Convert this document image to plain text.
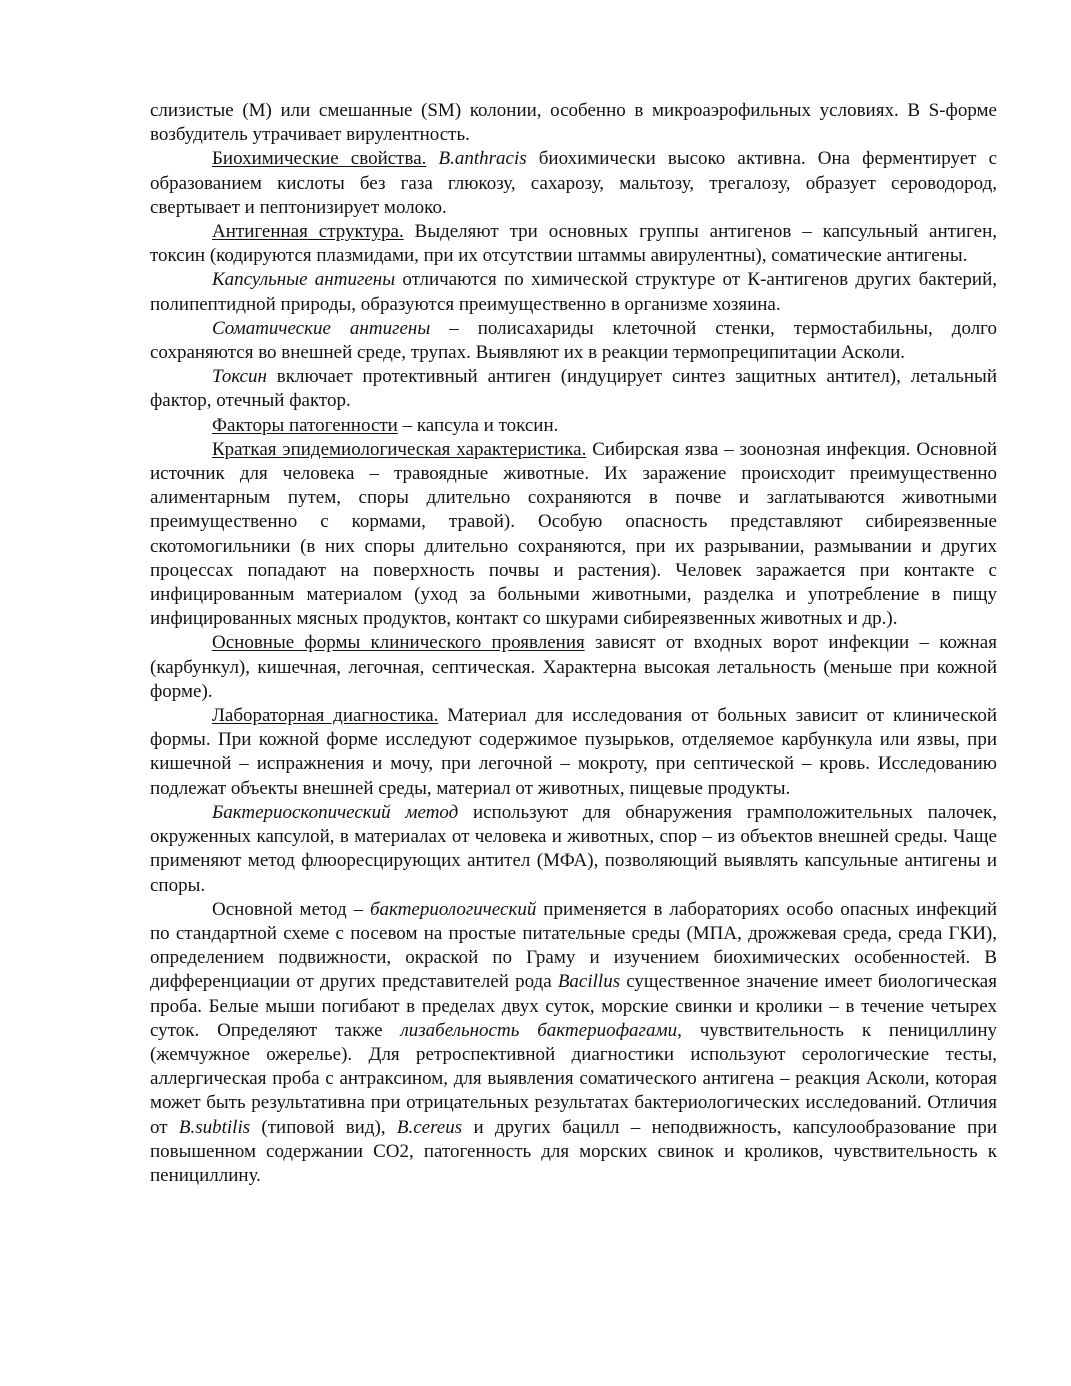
слизистые (М) или смешанные (SM) колонии, особенно в микроаэрофильных условиях. В S-форме возбудитель утрачивает вирулентность.

Биохимические свойства. B.anthracis биохимически высоко активна. Она ферментирует с образованием кислоты без газа глюкозу, сахарозу, мальтозу, трегалозу, образует сероводород, свертывает и пептонизирует молоко.

Антигенная структура. Выделяют три основных группы антигенов – капсульный антиген, токсин (кодируются плазмидами, при их отсутствии штаммы авирулентны), соматические антигены.

Капсульные антигены отличаются по химической структуре от К-антигенов других бактерий, полипептидной природы, образуются преимущественно в организме хозяина.

Соматические антигены – полисахариды клеточной стенки, термостабильны, долго сохраняются во внешней среде, трупах. Выявляют их в реакции термопреципитации Асколи.

Токсин включает протективный антиген (индуцирует синтез защитных антител), летальный фактор, отечный фактор.

Факторы патогенности – капсула и токсин.

Краткая эпидемиологическая характеристика. Сибирская язва – зоонозная инфекция. Основной источник для человека – травоядные животные. Их заражение происходит преимущественно алиментарным путем, споры длительно сохраняются в почве и заглатываются животными преимущественно с кормами, травой). Особую опасность представляют сибиреязвенные скотомогильники (в них споры длительно сохраняются, при их разрывании, размывании и других процессах попадают на поверхность почвы и растения). Человек заражается при контакте с инфицированным материалом (уход за больными животными, разделка и употребление в пищу инфицированных мясных продуктов, контакт со шкурами сибиреязвенных животных и др.).

Основные формы клинического проявления зависят от входных ворот инфекции – кожная (карбункул), кишечная, легочная, септическая. Характерна высокая летальность (меньше при кожной форме).

Лабораторная диагностика. Материал для исследования от больных зависит от клинической формы. При кожной форме исследуют содержимое пузырьков, отделяемое карбункула или язвы, при кишечной – испражнения и мочу, при легочной – мокроту, при септической – кровь. Исследованию подлежат объекты внешней среды, материал от животных, пищевые продукты.

Бактериоскопический метод используют для обнаружения грамположительных палочек, окруженных капсулой, в материалах от человека и животных, спор – из объектов внешней среды. Чаще применяют метод флюоресцирующих антител (МФА), позволяющий выявлять капсульные антигены и споры.

Основной метод – бактериологический применяется в лабораториях особо опасных инфекций по стандартной схеме с посевом на простые питательные среды (МПА, дрожжевая среда, среда ГКИ), определением подвижности, окраской по Граму и изучением биохимических особенностей. В дифференциации от других представителей рода Bacillus существенное значение имеет биологическая проба. Белые мыши погибают в пределах двух суток, морские свинки и кролики – в течение четырех суток. Определяют также лизабельность бактериофагами, чувствительность к пенициллину (жемчужное ожерелье). Для ретроспективной диагностики используют серологические тесты, аллергическая проба с антраксином, для выявления соматического антигена – реакция Асколи, которая может быть результативна при отрицательных результатах бактериологических исследований. Отличия от B.subtilis (типовой вид), B.cereus и других бацилл – неподвижность, капсулообразование при повышенном содержании СО2, патогенность для морских свинок и кроликов, чувствительность к пенициллину.
